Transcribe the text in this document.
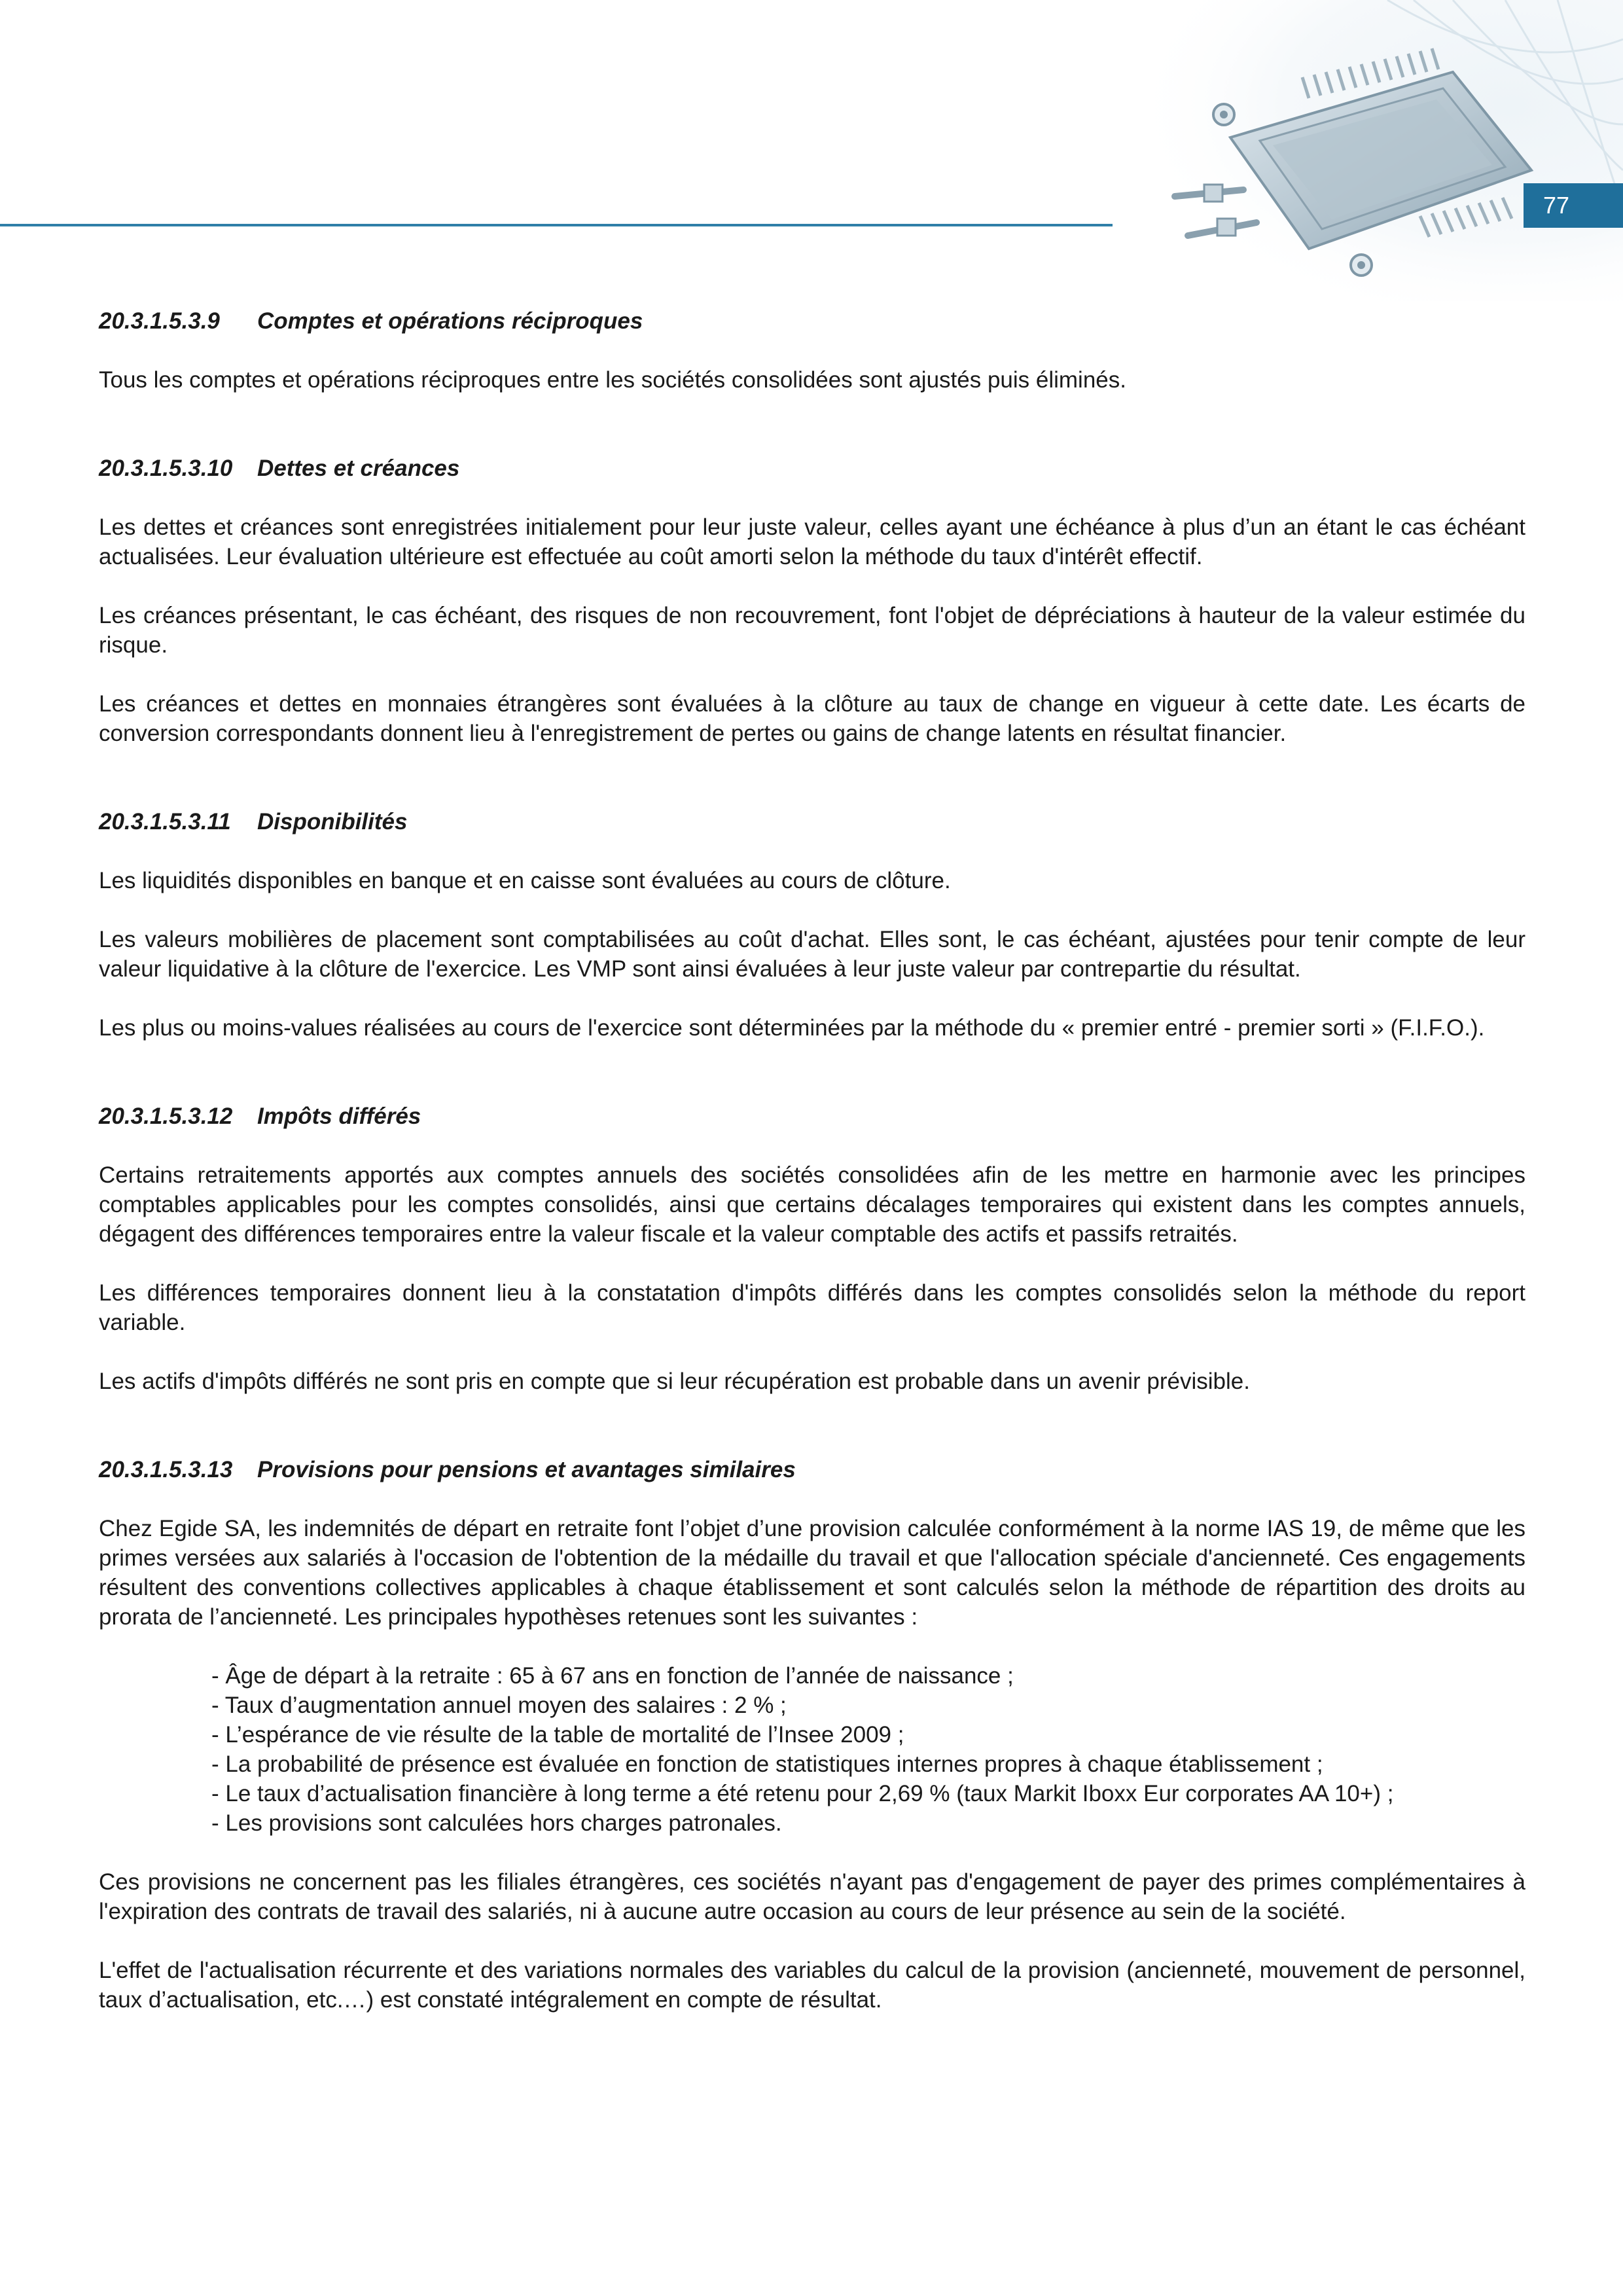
77
20.3.1.5.3.9 Comptes et opérations réciproques

Tous les comptes et opérations réciproques entre les sociétés consolidées sont ajustés puis éliminés.

20.3.1.5.3.10 Dettes et créances

Les dettes et créances sont enregistrées initialement pour leur juste valeur, celles ayant une échéance à plus d’un an étant le cas échéant actualisées. Leur évaluation ultérieure est effectuée au coût amorti selon la méthode du taux d'intérêt effectif.

Les créances présentant, le cas échéant, des risques de non recouvrement, font l'objet de dépréciations à hauteur de la valeur estimée du risque.

Les créances et dettes en monnaies étrangères sont évaluées à la clôture au taux de change en vigueur à cette date. Les écarts de conversion correspondants donnent lieu à l'enregistrement de pertes ou gains de change latents en résultat financier.

20.3.1.5.3.11 Disponibilités

Les liquidités disponibles en banque et en caisse sont évaluées au cours de clôture.

Les valeurs mobilières de placement sont comptabilisées au coût d'achat. Elles sont, le cas échéant, ajustées pour tenir compte de leur valeur liquidative à la clôture de l'exercice. Les VMP sont ainsi évaluées à leur juste valeur par contrepartie du résultat.

Les plus ou moins-values réalisées au cours de l'exercice sont déterminées par la méthode du « premier entré - premier sorti » (F.I.F.O.).

20.3.1.5.3.12 Impôts différés

Certains retraitements apportés aux comptes annuels des sociétés consolidées afin de les mettre en harmonie avec les principes comptables applicables pour les comptes consolidés, ainsi que certains décalages temporaires qui existent dans les comptes annuels, dégagent des différences temporaires entre la valeur fiscale et la valeur comptable des actifs et passifs retraités.

Les différences temporaires donnent lieu à la constatation d'impôts différés dans les comptes consolidés selon la méthode du report variable.

Les actifs d'impôts différés ne sont pris en compte que si leur récupération est probable dans un avenir prévisible.

20.3.1.5.3.13 Provisions pour pensions et avantages similaires

Chez Egide SA, les indemnités de départ en retraite font l’objet d’une provision calculée conformément à la norme IAS 19, de même que les primes versées aux salariés à l'occasion de l'obtention de la médaille du travail et que l'allocation spéciale d'ancienneté. Ces engagements résultent des conventions collectives applicables à chaque établissement et sont calculés selon la méthode de répartition des droits au prorata de l’ancienneté. Les principales hypothèses retenues sont les suivantes :

- Âge de départ à la retraite : 65 à 67 ans en fonction de l’année de naissance ;
- Taux d’augmentation annuel moyen des salaires : 2 % ;
- L’espérance de vie résulte de la table de mortalité de l’Insee 2009 ;
- La probabilité de présence est évaluée en fonction de statistiques internes propres à chaque établissement ;
- Le taux d’actualisation financière à long terme a été retenu pour 2,69 % (taux Markit Iboxx Eur corporates AA 10+) ;
- Les provisions sont calculées hors charges patronales.

Ces provisions ne concernent pas les filiales étrangères, ces sociétés n'ayant pas d'engagement de payer des primes complémentaires à l'expiration des contrats de travail des salariés, ni à aucune autre occasion au cours de leur présence au sein de la société.

L'effet de l'actualisation récurrente et des variations normales des variables du calcul de la provision (ancienneté, mouvement de personnel, taux d’actualisation, etc.…) est constaté intégralement en compte de résultat.
